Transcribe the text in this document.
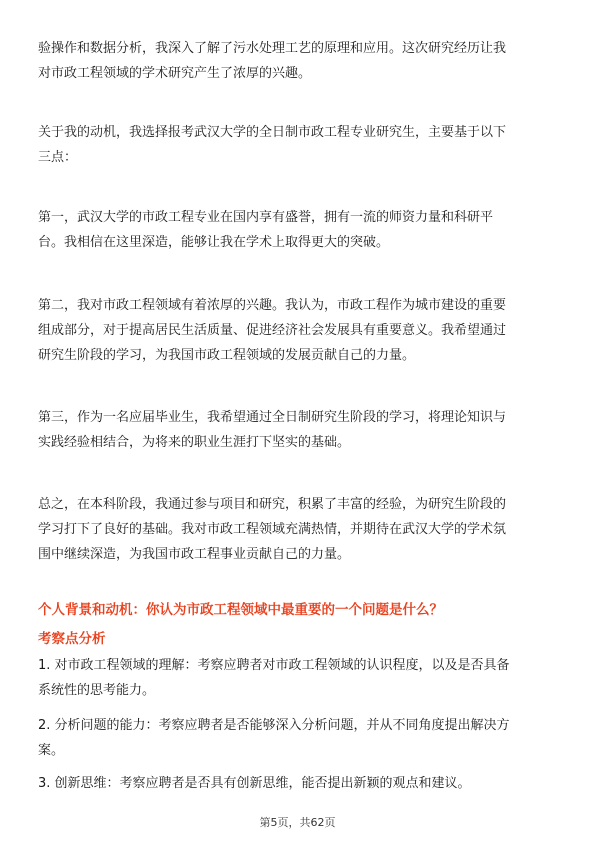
验操作和数据分析，我深入了解了污水处理工艺的原理和应用。这次研究经历让我
对市政工程领域的学术研究产生了浓厚的兴趣。

关于我的动机，我选择报考武汉大学的全日制市政工程专业研究生，主要基于以下
三点：

第一，武汉大学的市政工程专业在国内享有盛誉，拥有一流的师资力量和科研平
台。我相信在这里深造，能够让我在学术上取得更大的突破。

第二，我对市政工程领域有着浓厚的兴趣。我认为，市政工程作为城市建设的重要
组成部分，对于提高居民生活质量、促进经济社会发展具有重要意义。我希望通过
研究生阶段的学习，为我国市政工程领域的发展贡献自己的力量。

第三，作为一名应届毕业生，我希望通过全日制研究生阶段的学习，将理论知识与
实践经验相结合，为将来的职业生涯打下坚实的基础。

总之，在本科阶段，我通过参与项目和研究，积累了丰富的经验，为研究生阶段的
学习打下了良好的基础。我对市政工程领域充满热情，并期待在武汉大学的学术氛
围中继续深造，为我国市政工程事业贡献自己的力量。

个人背景和动机：你认为市政工程领域中最重要的一个问题是什么？
考察点分析

1. 对市政工程领域的理解：考察应聘者对市政工程领域的认识程度，以及是否具备
系统性的思考能力。

2. 分析问题的能力：考察应聘者是否能够深入分析问题，并从不同角度提出解决方
案。

3. 创新思维：考察应聘者是否具有创新思维，能否提出新颖的观点和建议。

第5页，共62页
